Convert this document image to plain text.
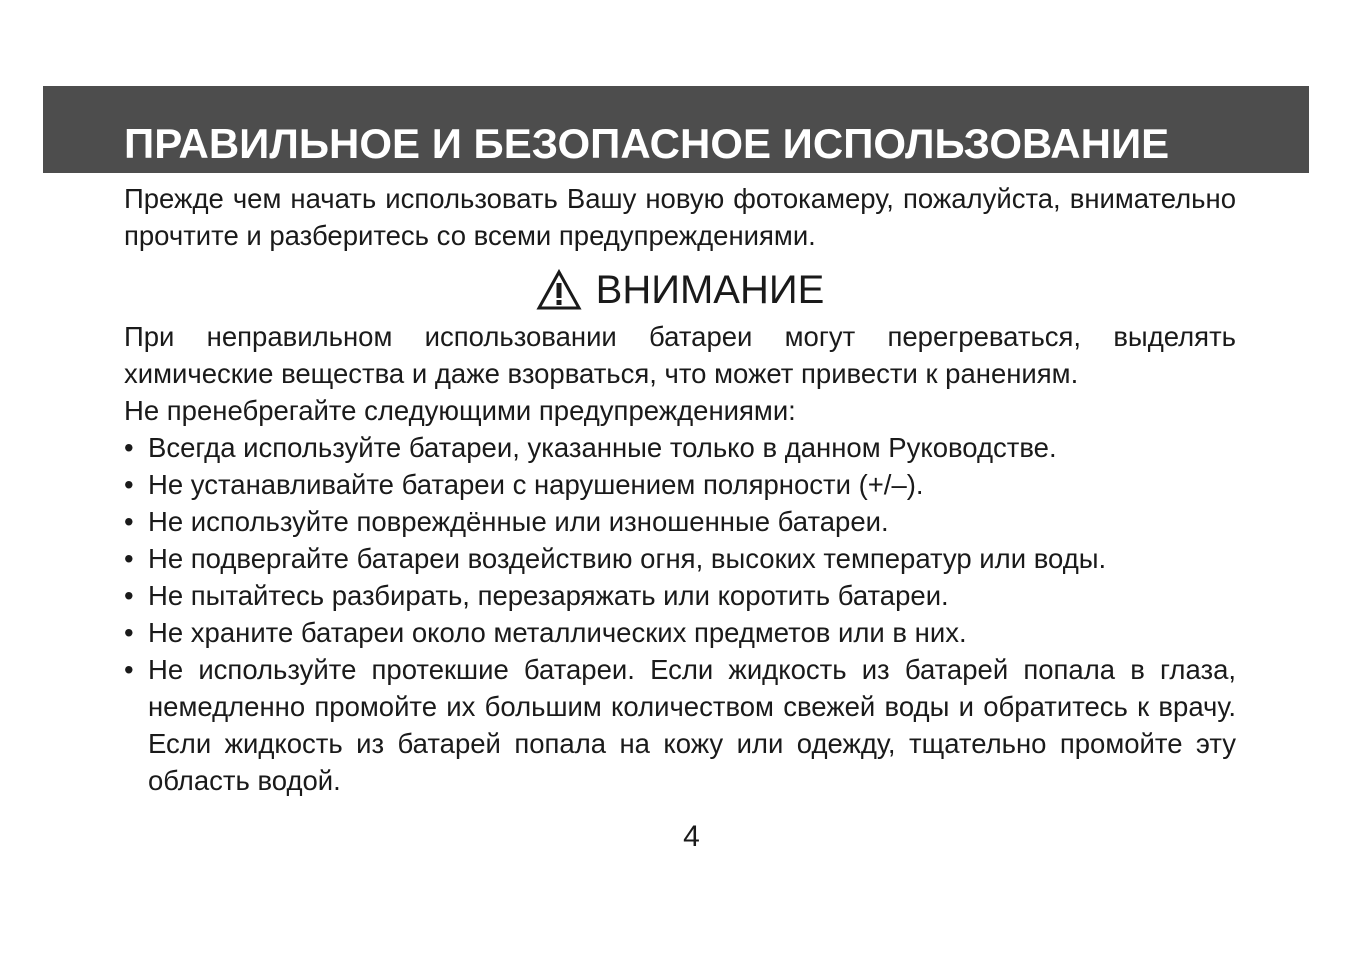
ПРАВИЛЬНОЕ И БЕЗОПАСНОЕ ИСПОЛЬЗОВАНИЕ

Прежде чем начать использовать Вашу новую фотокамеру, пожалуйста, внимательно прочтите и разберитесь со всеми предупреждениями.

ВНИМАНИЕ

При неправильном использовании батареи могут перегреваться, выделять химические вещества и даже взорваться, что может привести к ранениям.

Не пренебрегайте следующими предупреждениями:

• Всегда используйте батареи, указанные только в данном Руководстве.
• Не устанавливайте батареи с нарушением полярности (+/–).
• Не используйте повреждённые или изношенные батареи.
• Не подвергайте батареи воздействию огня, высоких температур или воды.
• Не пытайтесь разбирать, перезаряжать или коротить батареи.
• Не храните батареи около металлических предметов или в них.
• Не используйте протекшие батареи. Если жидкость из батарей попала в глаза, немедленно промойте их большим количеством свежей воды и обратитесь к врачу. Если жидкость из батарей попала на кожу или одежду, тщательно промойте эту область водой.
4
